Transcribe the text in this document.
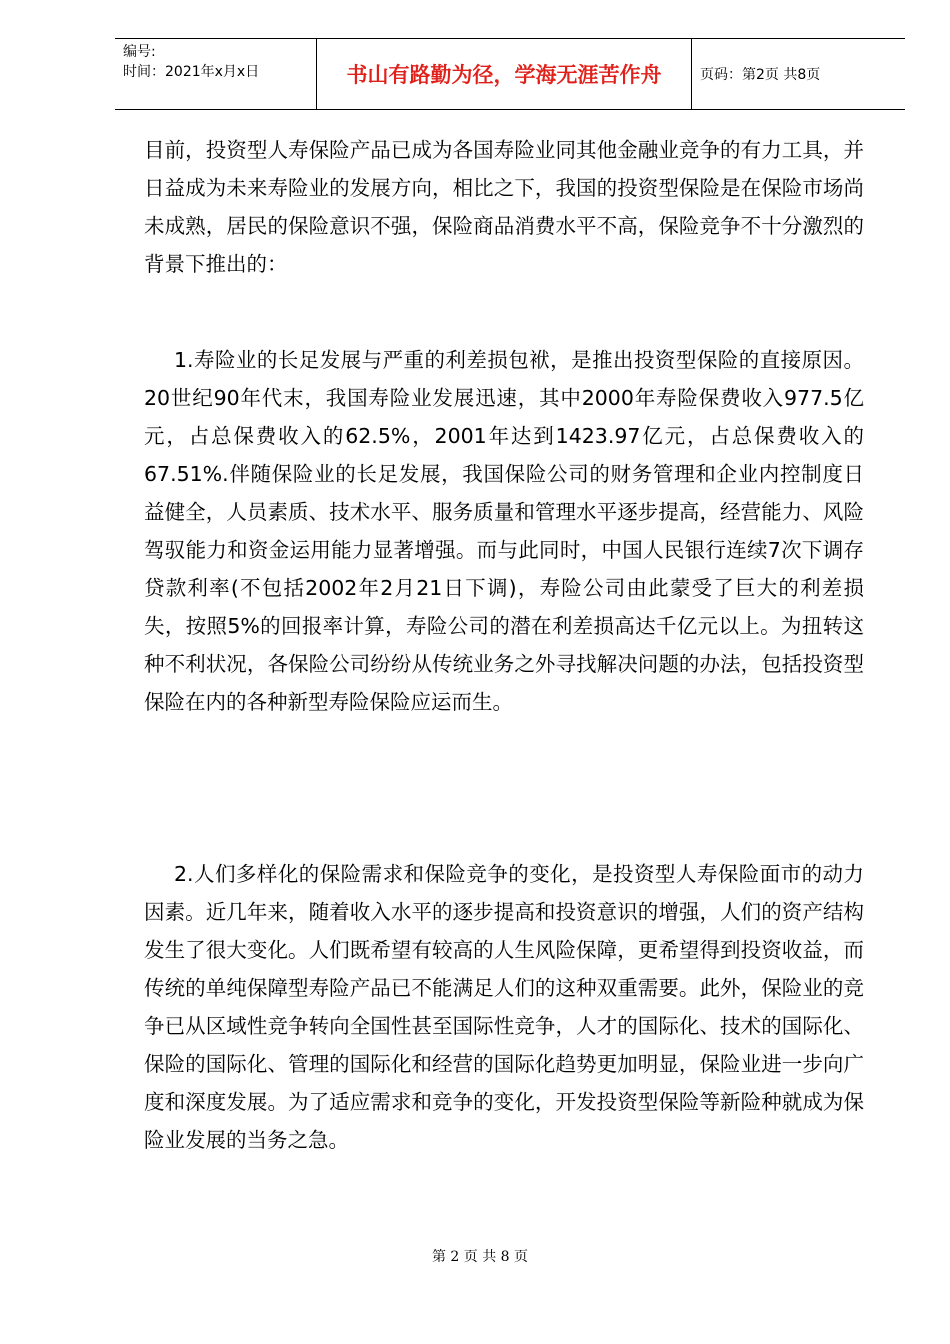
编号:
时间：2021年x月x日	书山有路勤为径，学海无涯苦作舟	页码：第2页 共8页

目前，投资型人寿保险产品已成为各国寿险业同其他金融业竞争的有力工具，并日益成为未来寿险业的发展方向，相比之下，我国的投资型保险是在保险市场尚未成熟，居民的保险意识不强，保险商品消费水平不高，保险竞争不十分激烈的背景下推出的：

1.寿险业的长足发展与严重的利差损包袱，是推出投资型保险的直接原因。20世纪90年代末，我国寿险业发展迅速，其中2000年寿险保费收入977.5亿元，占总保费收入的62.5%，2001年达到1423.97亿元，占总保费收入的67.51%.伴随保险业的长足发展，我国保险公司的财务管理和企业内控制度日益健全，人员素质、技术水平、服务质量和管理水平逐步提高，经营能力、风险驾驭能力和资金运用能力显著增强。而与此同时，中国人民银行连续7次下调存贷款利率(不包括2002年2月21日下调)，寿险公司由此蒙受了巨大的利差损失，按照5%的回报率计算，寿险公司的潜在利差损高达千亿元以上。为扭转这种不利状况，各保险公司纷纷从传统业务之外寻找解决问题的办法，包括投资型保险在内的各种新型寿险保险应运而生。

2.人们多样化的保险需求和保险竞争的变化，是投资型人寿保险面市的动力因素。近几年来，随着收入水平的逐步提高和投资意识的增强，人们的资产结构发生了很大变化。人们既希望有较高的人生风险保障，更希望得到投资收益，而传统的单纯保障型寿险产品已不能满足人们的这种双重需要。此外，保险业的竞争已从区域性竞争转向全国性甚至国际性竞争，人才的国际化、技术的国际化、保险的国际化、管理的国际化和经营的国际化趋势更加明显，保险业进一步向广度和深度发展。为了适应需求和竞争的变化，开发投资型保险等新险种就成为保险业发展的当务之急。

第 2 页 共 8 页
